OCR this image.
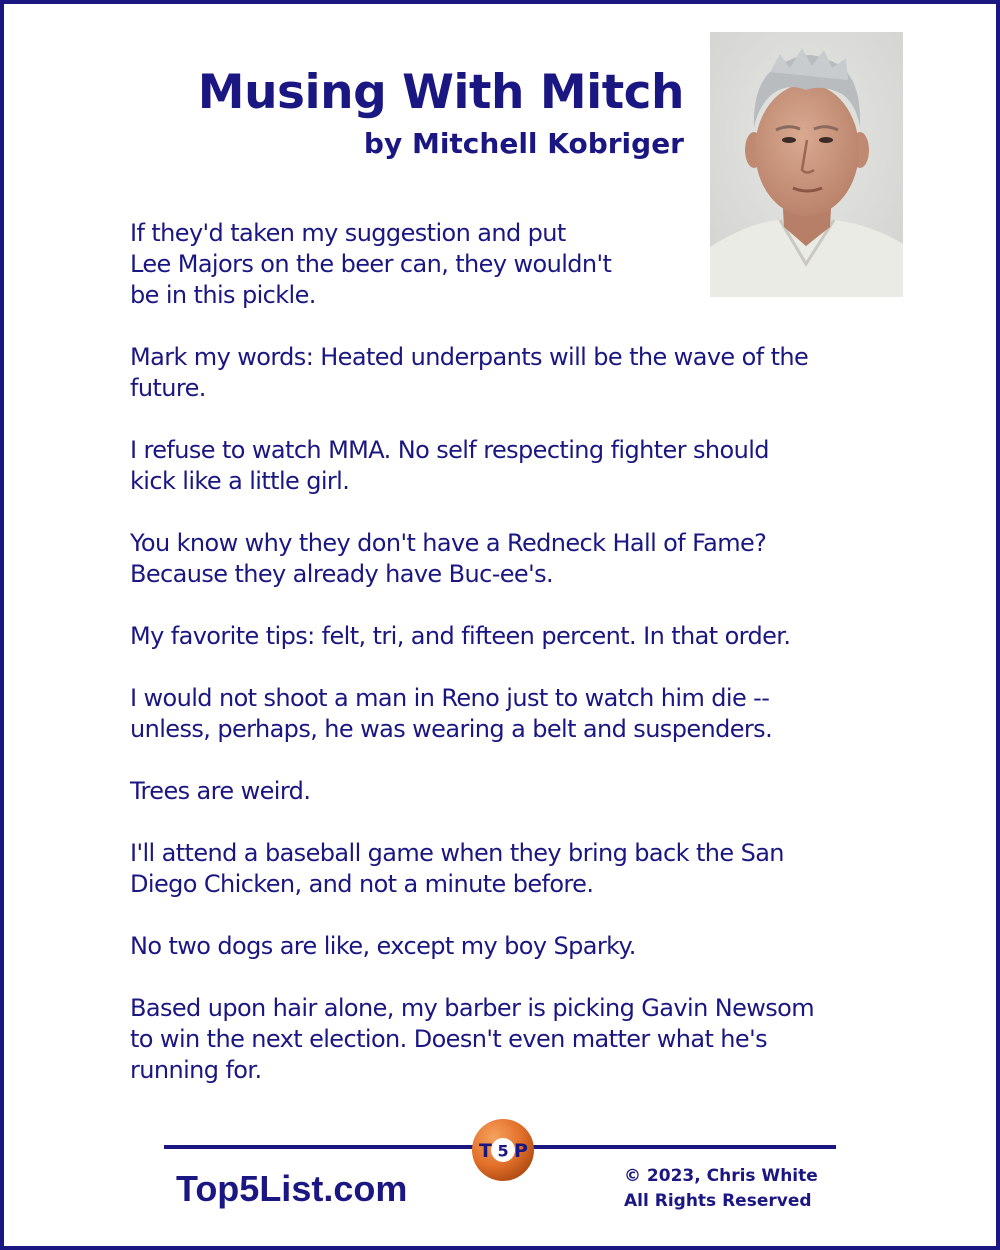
Musing With Mitch
by Mitchell Kobriger

If they'd taken my suggestion and put
Lee Majors on the beer can, they wouldn't
be in this pickle.

Mark my words: Heated underpants will be the wave of the
future.

I refuse to watch MMA. No self respecting fighter should
kick like a little girl.

You know why they don't have a Redneck Hall of Fame?
Because they already have Buc-ee's.

My favorite tips: felt, tri, and fifteen percent. In that order.

I would not shoot a man in Reno just to watch him die --
unless, perhaps, he was wearing a belt and suspenders.

Trees are weird.

I'll attend a baseball game when they bring back the San
Diego Chicken, and not a minute before.

No two dogs are like, except my boy Sparky.

Based upon hair alone, my barber is picking Gavin Newsom
to win the next election. Doesn't even matter what he's
running for.

T 5 P
Top5List.com	© 2023, Chris White
All Rights Reserved
